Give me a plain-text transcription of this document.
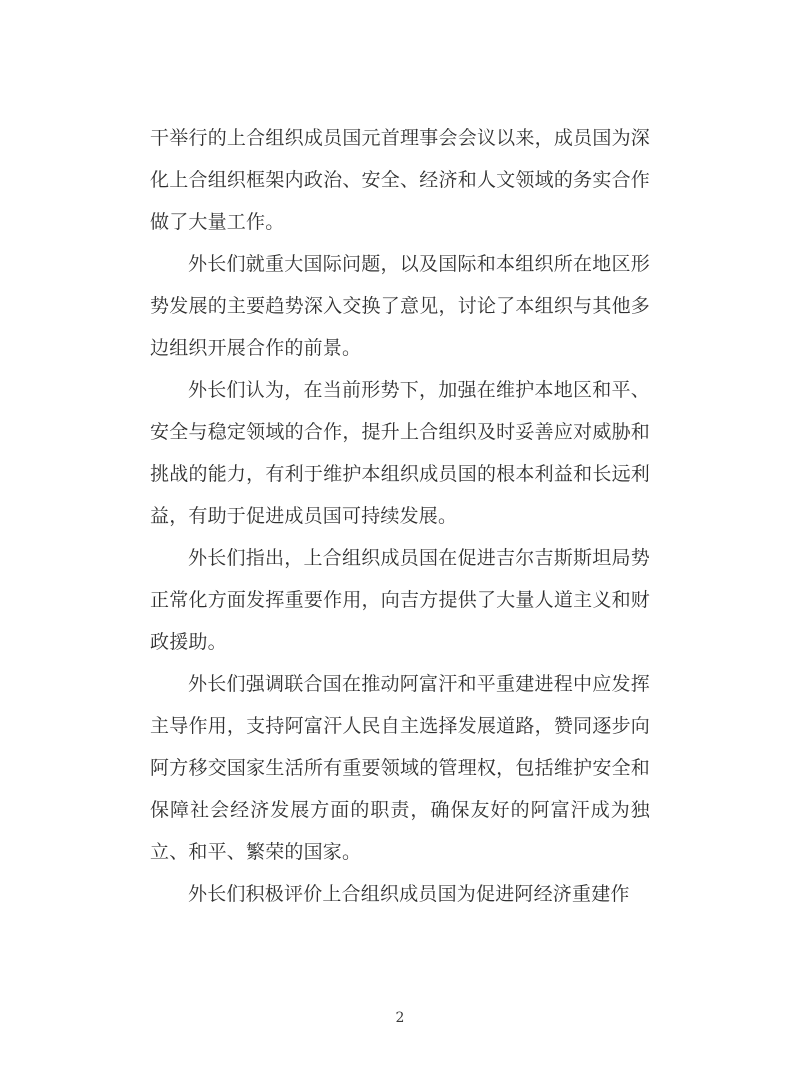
干举行的上合组织成员国元首理事会会议以来，成员国为深化上合组织框架内政治、安全、经济和人文领域的务实合作做了大量工作。

外长们就重大国际问题，以及国际和本组织所在地区形势发展的主要趋势深入交换了意见，讨论了本组织与其他多边组织开展合作的前景。

外长们认为，在当前形势下，加强在维护本地区和平、安全与稳定领域的合作，提升上合组织及时妥善应对威胁和挑战的能力，有利于维护本组织成员国的根本利益和长远利益，有助于促进成员国可持续发展。

外长们指出，上合组织成员国在促进吉尔吉斯斯坦局势正常化方面发挥重要作用，向吉方提供了大量人道主义和财政援助。

外长们强调联合国在推动阿富汗和平重建进程中应发挥主导作用，支持阿富汗人民自主选择发展道路，赞同逐步向阿方移交国家生活所有重要领域的管理权，包括维护安全和保障社会经济发展方面的职责，确保友好的阿富汗成为独立、和平、繁荣的国家。

外长们积极评价上合组织成员国为促进阿经济重建作

2
